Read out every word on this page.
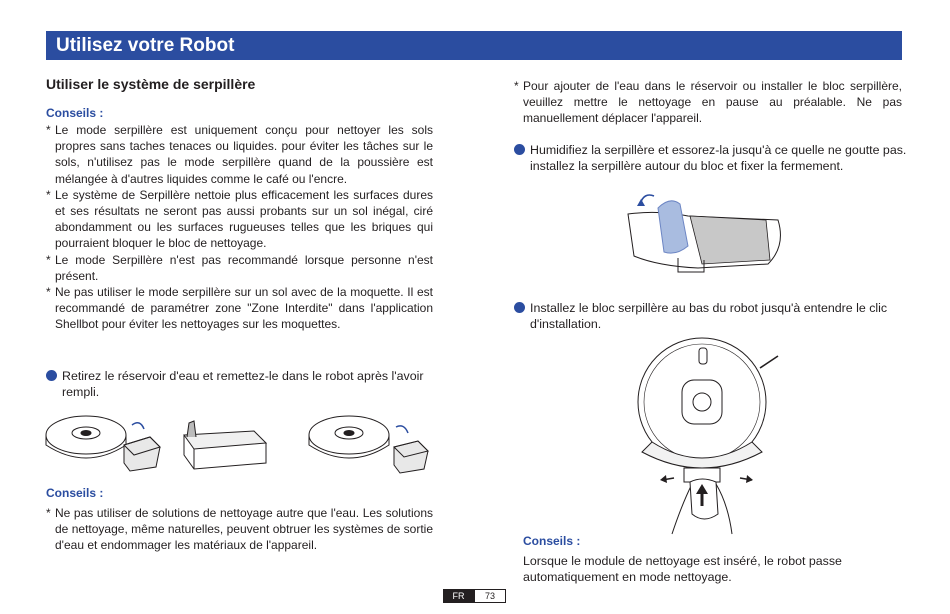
Utilisez votre Robot
Utiliser le système de serpillère
Conseils :
* Le mode serpillère est uniquement conçu pour nettoyer les sols propres sans taches tenaces ou liquides. pour éviter les tâches sur le sols, n'utilisez pas le mode serpillère quand de la poussière est mélangée à d'autres liquides comme le café ou l'encre.
* Le système de Serpillère nettoie plus efficacement les surfaces dures et ses résultats ne seront pas aussi probants sur un sol inégal, ciré abondamment ou les surfaces rugueuses telles que les briques qui pourraient bloquer le bloc de nettoyage.
* Le mode Serpillère n'est pas recommandé lorsque personne n'est présent.
* Ne pas utiliser le mode serpillère sur un sol avec de la moquette. Il est recommandé de paramétrer zone "Zone Interdite" dans l'application Shellbot pour éviter les nettoyages sur les moquettes.
Retirez le réservoir d'eau et remettez-le dans le robot après l'avoir rempli.
Conseils :
* Ne pas utiliser de solutions de nettoyage autre que l'eau. Les solutions de nettoyage, même naturelles, peuvent obtruer les systèmes de sortie d'eau et endommager les matériaux de l'appareil.
* Pour ajouter de l'eau dans le réservoir ou installer le bloc serpillère, veuillez mettre le nettoyage en pause au préalable. Ne pas manuellement déplacer l'appareil.
Humidifiez la serpillère et essorez-la jusqu'à ce quelle ne goutte pas. installez la serpillère autour du bloc et fixer la fermement.
Installez le bloc serpillère au bas du robot jusqu'à entendre le clic d'installation.
Conseils :
Lorsque le module de nettoyage est inséré, le robot passe automatiquement en mode nettoyage.
FR	73
